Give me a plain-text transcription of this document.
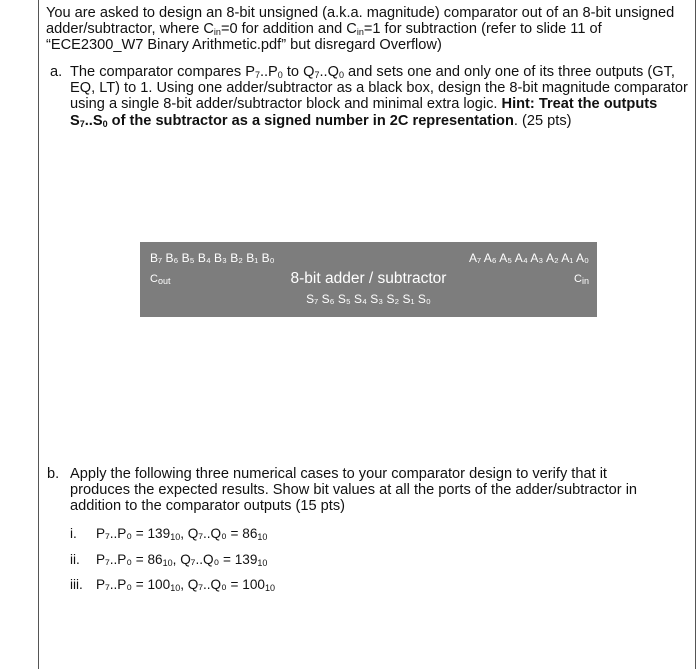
You are asked to design an 8-bit unsigned (a.k.a. magnitude) comparator out of an 8-bit unsigned adder/subtractor, where $C_{in}=0$ for addition and $C_{in}=1$ for subtraction (refer to slide 11 of “ECE2300_W7 Binary Arithmetic.pdf” but disregard Overflow)
a. The comparator compares $P_7..P_0$ to $Q_7..Q_0$ and sets one and only one of its three outputs (GT, EQ, LT) to 1. Using one adder/subtractor as a black box, design the 8-bit magnitude comparator using a single 8-bit adder/subtractor block and minimal extra logic. Hint: Treat the outputs $S_7..S_0$ of the subtractor as a signed number in 2C representation. (25 pts)
B₇ B₆ B₅ B₄ B₃ B₂ B₁ B₀	A₇ A₆ A₅ A₄ A₃ A₂ A₁ A₀
$C_{out}$	$C_{in}$
8-bit adder / subtractor
S₇ S₆ S₅ S₄ S₃ S₂ S₁ S₀
b. Apply the following three numerical cases to your comparator design to verify that it produces the expected results. Show bit values at all the ports of the adder/subtractor in addition to the comparator outputs (15 pts)
i. $P_7..P_0 = 139_{10}$, $Q_7..Q_0 = 86_{10}$
ii. $P_7..P_0 = 86_{10}$, $Q_7..Q_0 = 139_{10}$
iii. $P_7..P_0 = 100_{10}$, $Q_7..Q_0 = 100_{10}$
